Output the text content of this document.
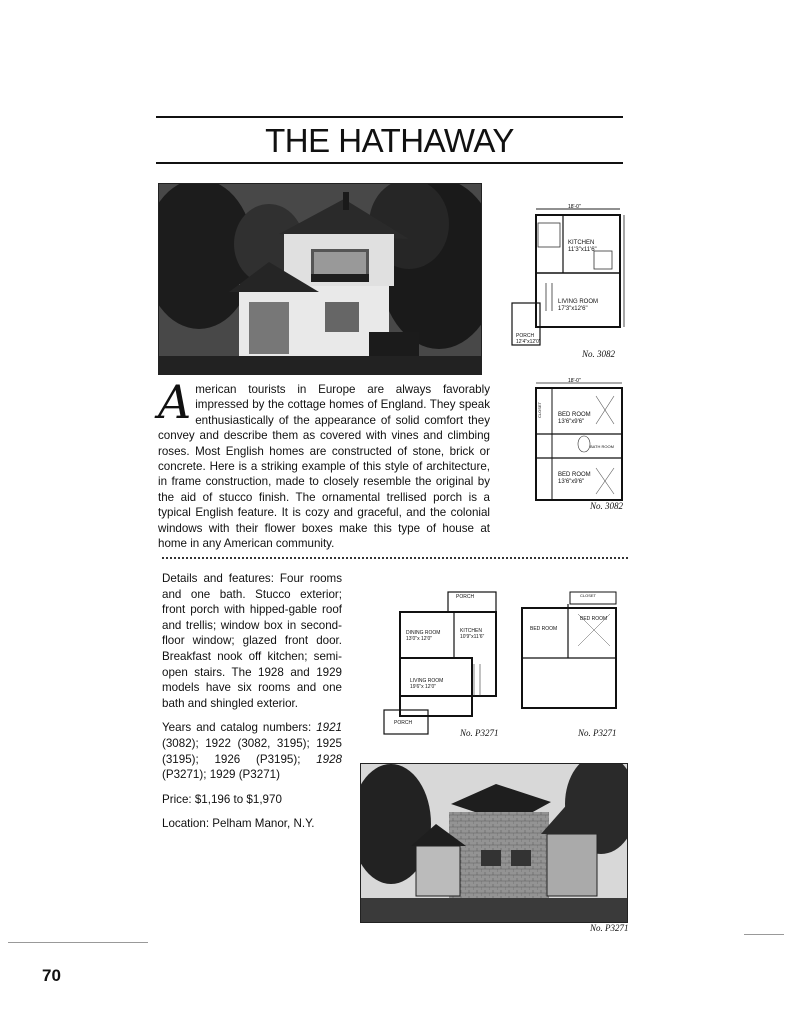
THE HATHAWAY
18'-0"
KITCHEN
11'3"x11'6"
LIVING ROOM
17'3"x12'6"
PORCH
12'4"x12'0"
No. 3082
18'-0"
BED ROOM
13'6"x9'6"
BATH ROOM
BED ROOM
13'6"x9'6"
CLOSET
No. 3082
A merican tourists in Europe are always favorably impressed by the cottage homes of England. They speak enthusiastically of the appearance of solid comfort they convey and describe them as covered with vines and climbing roses. Most English homes are constructed of stone, brick or concrete. Here is a striking example of this style of architecture, in frame construction, made to closely resemble the original by the aid of stucco finish. The ornamental trellised porch is a typical English feature. It is cozy and graceful, and the colonial windows with their flower boxes make this type of house at home in any American community.

Details and features: Four rooms and one bath. Stucco exterior; front porch with hipped-gable roof and trellis; window box in second-floor window; glazed front door. Breakfast nook off kitchen; semi-open stairs. The 1928 and 1929 models have six rooms and one bath and shingled exterior.

Years and catalog numbers: 1921 (3082); 1922 (3082, 3195); 1925 (3195); 1926 (P3195); 1928 (P3271); 1929 (P3271)

Price: $1,196 to $1,970

Location: Pelham Manor, N.Y.

PORCH
DINING ROOM
13'0"x 12'0"
KITCHEN
10'9"x11'6"
LIVING ROOM
19'6"x 12'0"
PORCH
No. P3271
CLOSET
BED ROOM
BED ROOM
No. P3271
No. P3271
70
